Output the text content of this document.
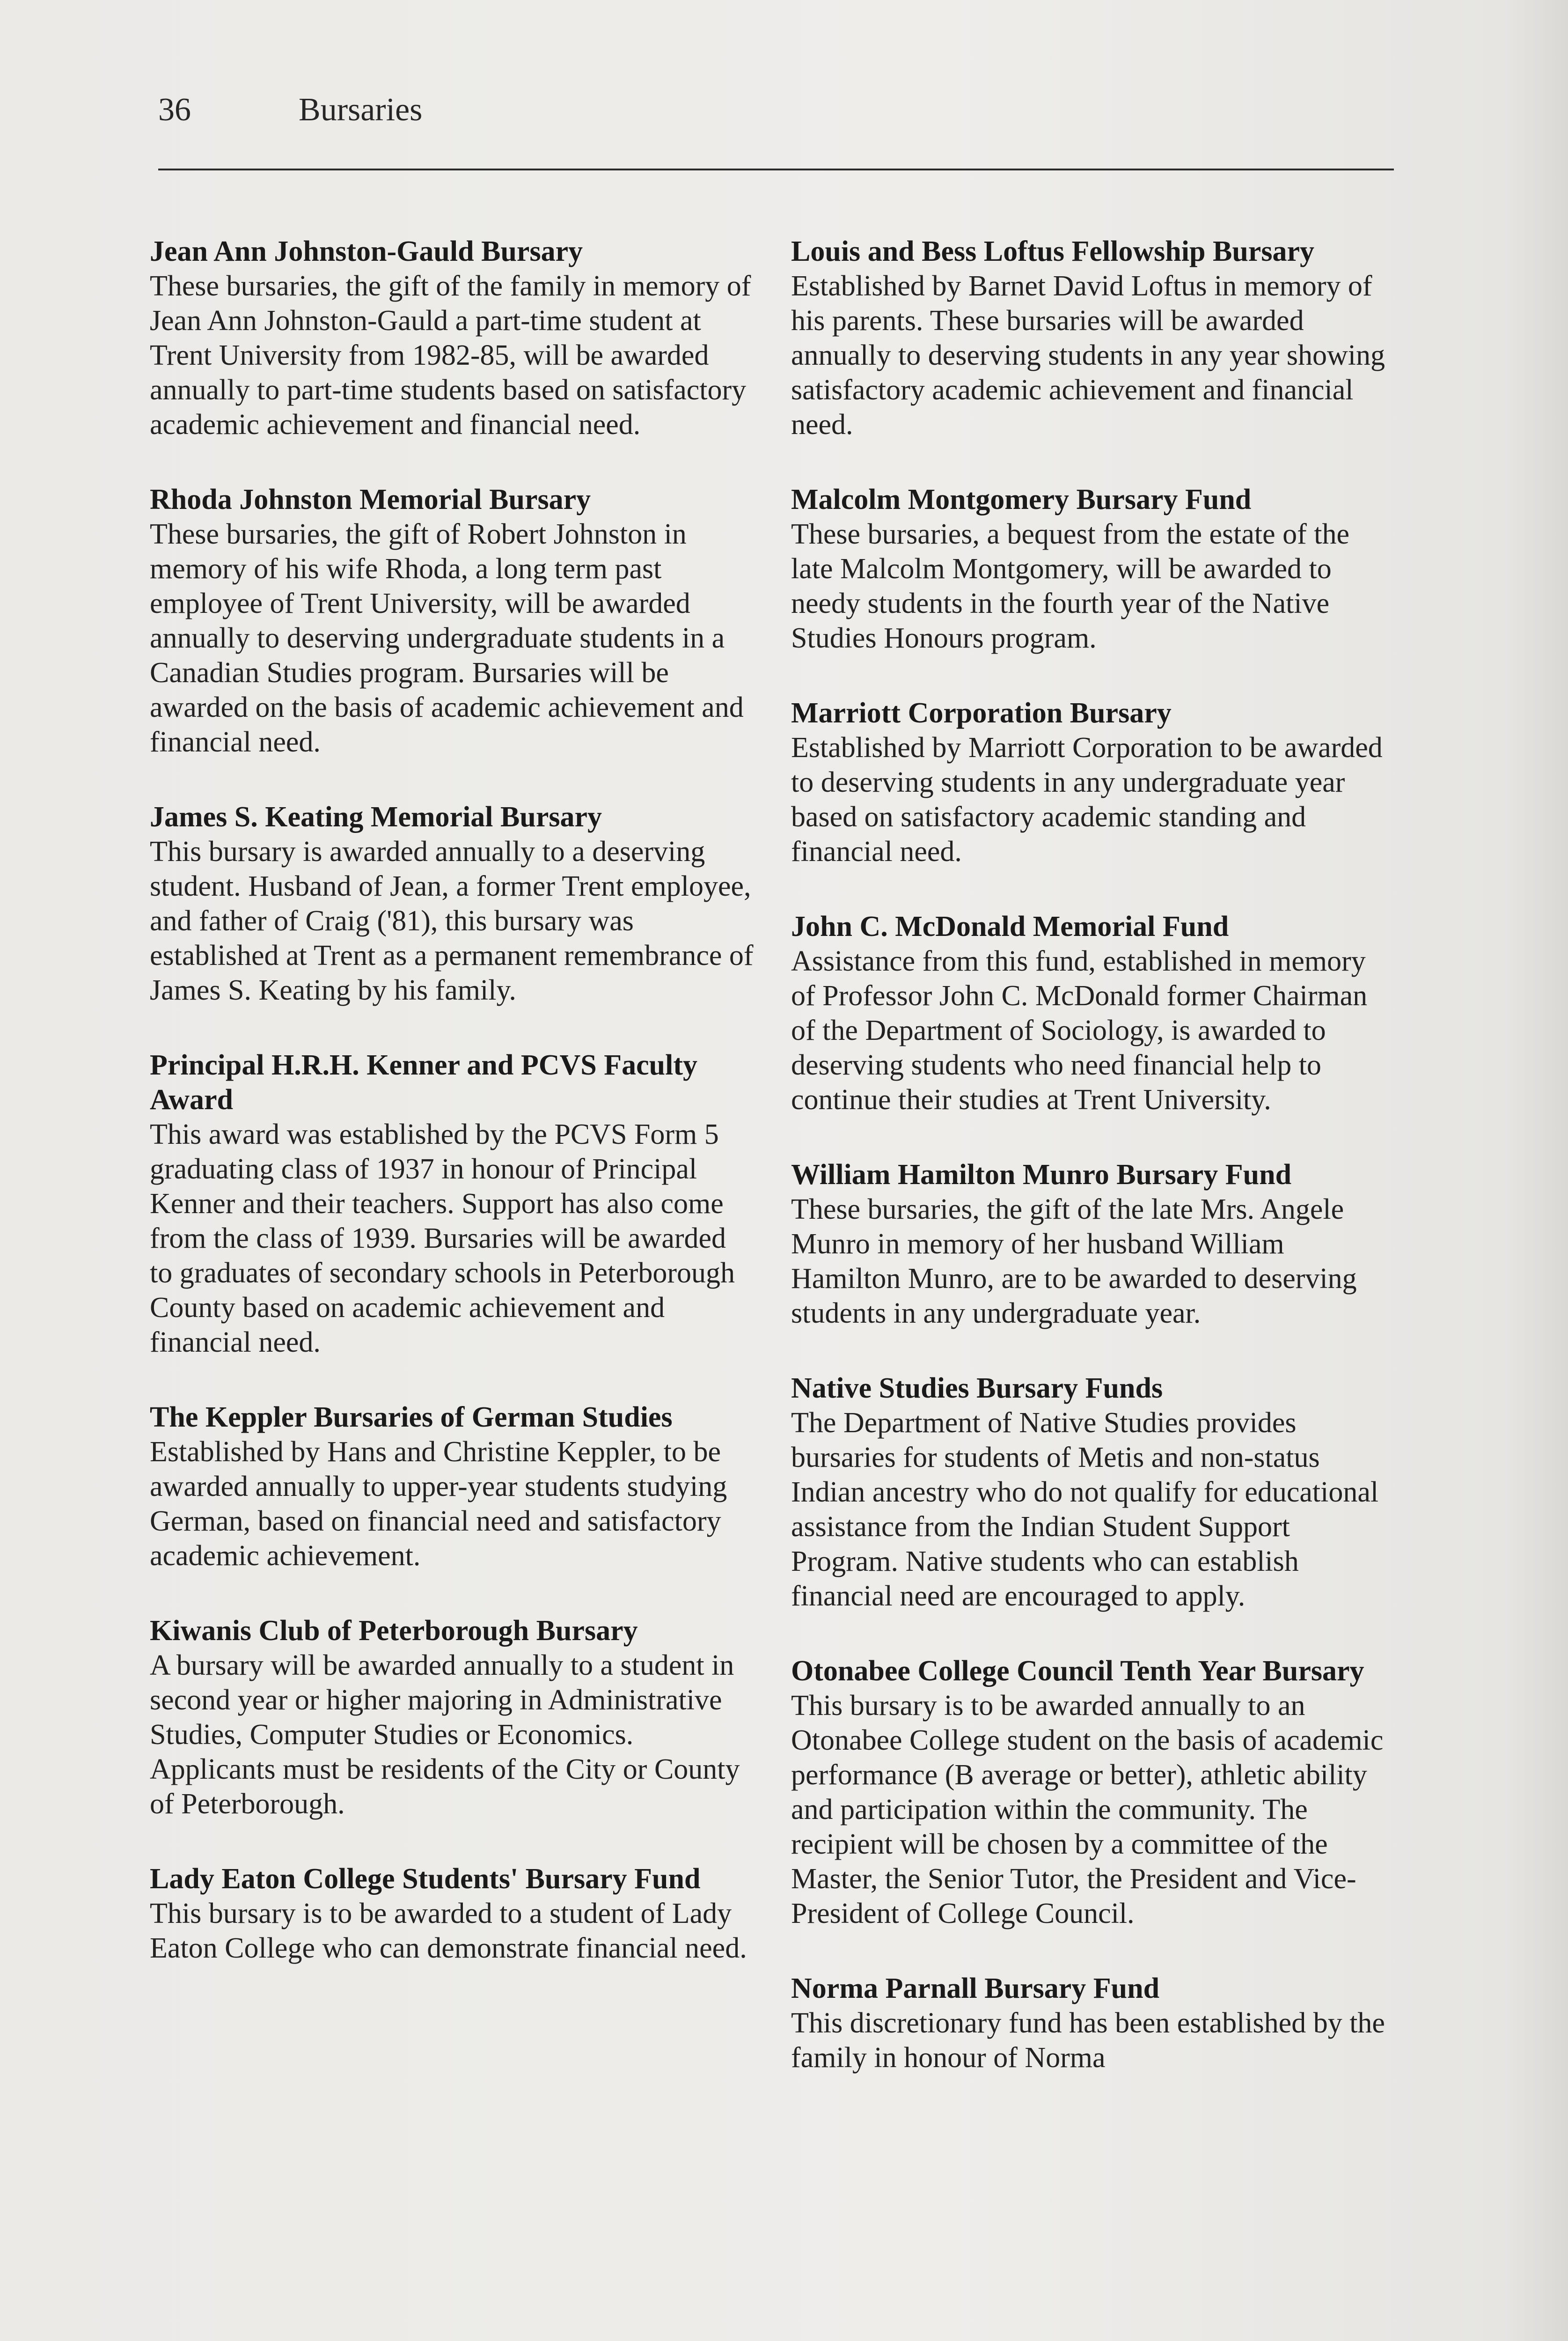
36	Bursaries
Jean Ann Johnston-Gauld Bursary

These bursaries, the gift of the family in memory of Jean Ann Johnston-Gauld a part-time student at Trent University from 1982-85, will be awarded annually to part-time students based on satisfactory academic achievement and financial need.

Rhoda Johnston Memorial Bursary

These bursaries, the gift of Robert Johnston in memory of his wife Rhoda, a long term past employee of Trent University, will be awarded annually to deserving undergraduate students in a Canadian Studies program. Bursaries will be awarded on the basis of academic achievement and financial need.

James S. Keating Memorial Bursary

This bursary is awarded annually to a deserving student. Husband of Jean, a former Trent employee, and father of Craig ('81), this bursary was established at Trent as a permanent remembrance of James S. Keating by his family.

Principal H.R.H. Kenner and PCVS Faculty Award

This award was established by the PCVS Form 5 graduating class of 1937 in honour of Principal Kenner and their teachers. Support has also come from the class of 1939. Bursaries will be awarded to graduates of secondary schools in Peterborough County based on academic achievement and financial need.

The Keppler Bursaries of German Studies

Established by Hans and Christine Keppler, to be awarded annually to upper-year students studying German, based on financial need and satisfactory academic achievement.

Kiwanis Club of Peterborough Bursary

A bursary will be awarded annually to a student in second year or higher majoring in Administrative Studies, Computer Studies or Economics. Applicants must be residents of the City or County of Peterborough.

Lady Eaton College Students' Bursary Fund

This bursary is to be awarded to a student of Lady Eaton College who can demonstrate financial need.

Louis and Bess Loftus Fellowship Bursary

Established by Barnet David Loftus in memory of his parents. These bursaries will be awarded annually to deserving students in any year showing satisfactory academic achievement and financial need.

Malcolm Montgomery Bursary Fund

These bursaries, a bequest from the estate of the late Malcolm Montgomery, will be awarded to needy students in the fourth year of the Native Studies Honours program.

Marriott Corporation Bursary

Established by Marriott Corporation to be awarded to deserving students in any undergraduate year based on satisfactory academic standing and financial need.

John C. McDonald Memorial Fund

Assistance from this fund, established in memory of Professor John C. McDonald former Chairman of the Department of Sociology, is awarded to deserving students who need financial help to continue their studies at Trent University.

William Hamilton Munro Bursary Fund

These bursaries, the gift of the late Mrs. Angele Munro in memory of her husband William Hamilton Munro, are to be awarded to deserving students in any undergraduate year.

Native Studies Bursary Funds

The Department of Native Studies provides bursaries for students of Metis and non-status Indian ancestry who do not qualify for educational assistance from the Indian Student Support Program. Native students who can establish financial need are encouraged to apply.

Otonabee College Council Tenth Year Bursary

This bursary is to be awarded annually to an Otonabee College student on the basis of academic performance (B average or better), athletic ability and participation within the community. The recipient will be chosen by a committee of the Master, the Senior Tutor, the President and Vice-President of College Council.

Norma Parnall Bursary Fund

This discretionary fund has been established by the family in honour of Norma
